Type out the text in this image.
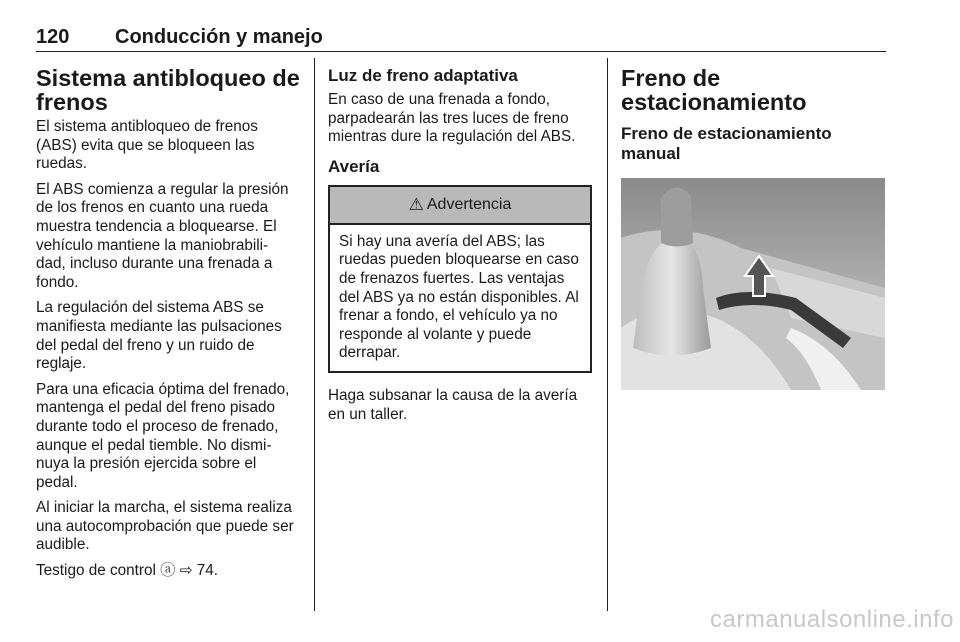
120 Conducción y manejo
Sistema antibloqueo de frenos

El sistema antibloqueo de frenos (ABS) evita que se bloqueen las ruedas.

El ABS comienza a regular la presión de los frenos en cuanto una rueda muestra tendencia a bloquearse. El vehículo mantiene la maniobrabili- dad, incluso durante una frenada a fondo.

La regulación del sistema ABS se manifiesta mediante las pulsaciones del pedal del freno y un ruido de reglaje.

Para una eficacia óptima del frenado, mantenga el pedal del freno pisado durante todo el proceso de frenado, aunque el pedal tiemble. No dismi- nuya la presión ejercida sobre el pedal.

Al iniciar la marcha, el sistema realiza una autocomprobación que puede ser audible.

Testigo de control ⓐ ⇨ 74.

Luz de freno adaptativa

En caso de una frenada a fondo, parpadearán las tres luces de freno mientras dure la regulación del ABS.

Avería
⚠ Advertencia

Si hay una avería del ABS; las ruedas pueden bloquearse en caso de frenazos fuertes. Las ventajas del ABS ya no están disponibles. Al frenar a fondo, el vehículo ya no responde al volante y puede derrapar.

Haga subsanar la causa de la avería en un taller.

Freno de estacionamiento
Freno de estacionamiento manual
carmanualsonline.info
